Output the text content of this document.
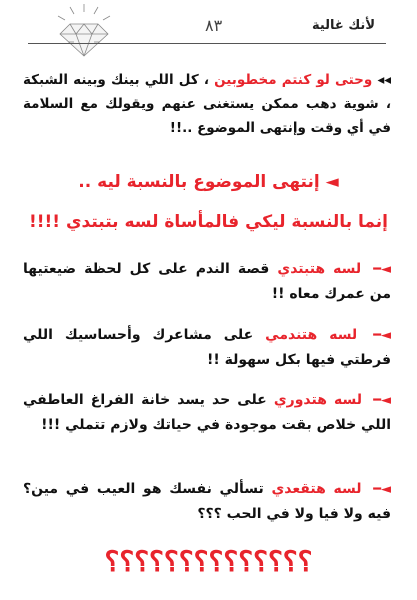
٨٣	لأنك غالية
◂◂ وحتى لو كنتم مخطوبين ، كل اللي بينك وبينه الشبكة ، شوية دهب ممكن يستغنى عنهم ويقولك مع السلامة في أي وقت وإنتهى الموضوع ..!!
◄ إنتهى الموضوع بالنسبة ليه ..
إنما بالنسبة ليكي فالمأساة لسه بتبتدي !!!!
◄━ لسه هتبتدي قصة الندم على كل لحظة ضيعتيها من عمرك معاه !!
◄━ لسه هتندمي على مشاعرك وأحساسيك اللي فرطتي فيها بكل سهولة !!
◄━ لسه هتدوري على حد يسد خانة الفراغ العاطفي اللي خلاص بقت موجودة في حياتك ولازم تتملي !!!
◄━ لسه هتقعدي تسألي نفسك هو العيب في مين؟ فيه ولا فيا ولا في الحب ؟؟؟
؟؟؟؟؟؟؟؟؟؟؟؟؟؟
